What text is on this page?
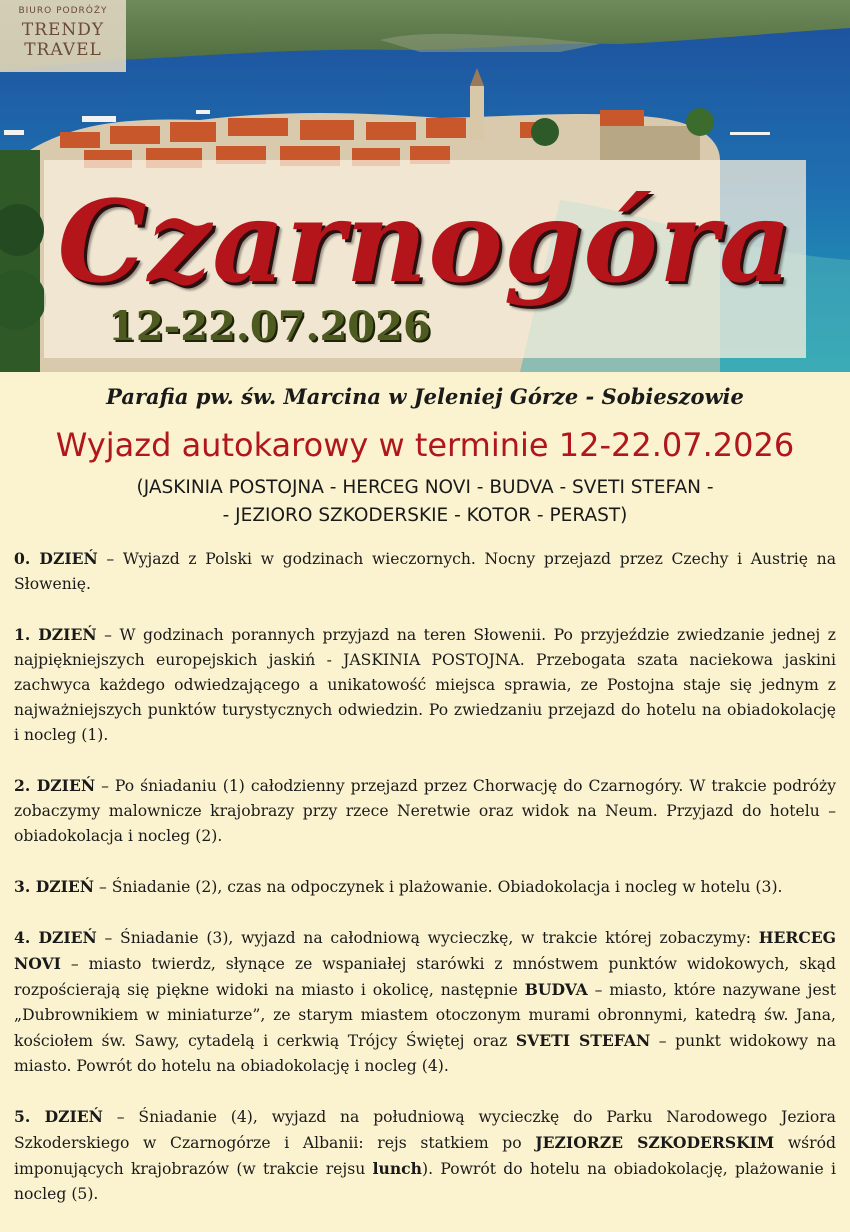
BIURO PODRÓŻY
TRENDY
TRAVEL
Czarnogóra
12-22.07.2026
Parafia pw. św. Marcina w Jeleniej Górze - Sobieszowie
Wyjazd autokarowy w terminie 12-22.07.2026
(JASKINIA POSTOJNA - HERCEG NOVI - BUDVA - SVETI STEFAN -
- JEZIORO SZKODERSKIE - KOTOR - PERAST)

0. DZIEŃ – Wyjazd z Polski w godzinach wieczornych. Nocny przejazd przez Czechy i Austrię na Słowenię.

1. DZIEŃ – W godzinach porannych przyjazd na teren Słowenii. Po przyjeździe zwiedzanie jednej z najpiękniejszych europejskich jaskiń - JASKINIA POSTOJNA. Przebogata szata naciekowa jaskini zachwyca każdego odwiedzającego a unikatowość miejsca sprawia, ze Postojna staje się jednym z najważniejszych punktów turystycznych odwiedzin. Po zwiedzaniu przejazd do hotelu na obiadokolację i nocleg (1).

2. DZIEŃ – Po śniadaniu (1) całodzienny przejazd przez Chorwację do Czarnogóry. W trakcie podróży zobaczymy malownicze krajobrazy przy rzece Neretwie oraz widok na Neum. Przyjazd do hotelu – obiadokolacja i nocleg (2).

3. DZIEŃ – Śniadanie (2), czas na odpoczynek i plażowanie. Obiadokolacja i nocleg w hotelu (3).

4. DZIEŃ – Śniadanie (3), wyjazd na całodniową wycieczkę, w trakcie której zobaczymy: HERCEG NOVI – miasto twierdz, słynące ze wspaniałej starówki z mnóstwem punktów widokowych, skąd rozpościerają się piękne widoki na miasto i okolicę, następnie BUDVA – miasto, które nazywane jest „Dubrownikiem w miniaturze”, ze starym miastem otoczonym murami obronnymi, katedrą św. Jana, kościołem św. Sawy, cytadelą i cerkwią Trójcy Świętej oraz SVETI STEFAN – punkt widokowy na miasto. Powrót do hotelu na obiadokolację i nocleg (4).

5. DZIEŃ – Śniadanie (4), wyjazd na południową wycieczkę do Parku Narodowego Jeziora Szkoderskiego w Czarnogórze i Albanii: rejs statkiem po JEZIORZE SZKODERSKIM wśród imponujących krajobrazów (w trakcie rejsu lunch). Powrót do hotelu na obiadokolację, plażowanie i nocleg (5).
